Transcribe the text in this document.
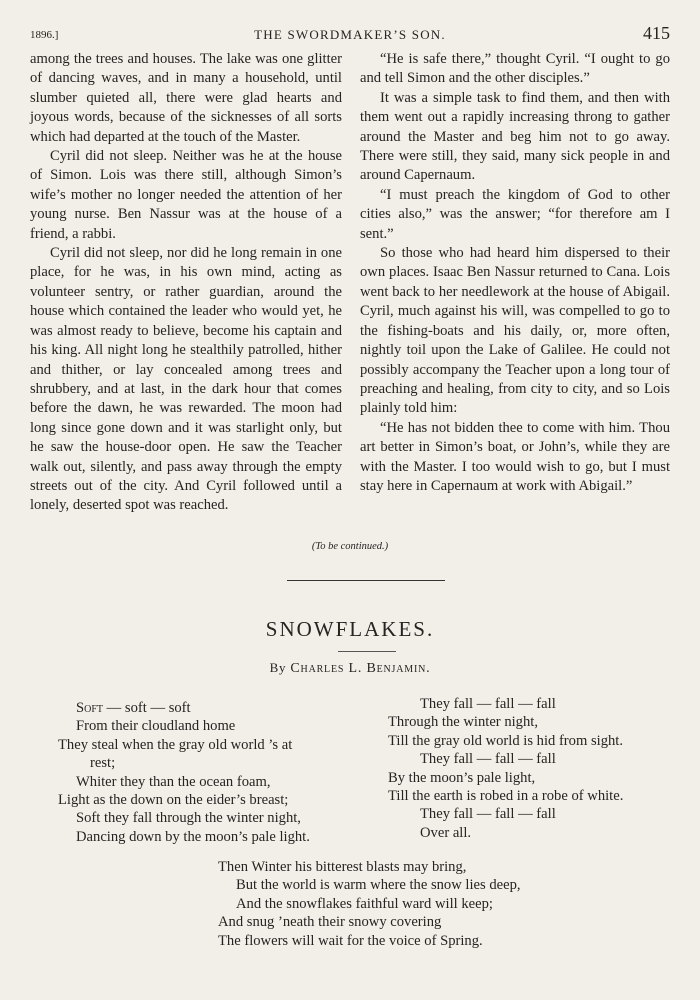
1896.]	THE SWORDMAKER’S SON.	415

among the trees and houses. The lake was one glitter of dancing waves, and in many a household, until slumber quieted all, there were glad hearts and joyous words, because of the sicknesses of all sorts which had departed at the touch of the Master.

Cyril did not sleep. Neither was he at the house of Simon. Lois was there still, although Simon’s wife’s mother no longer needed the attention of her young nurse. Ben Nassur was at the house of a friend, a rabbi.

Cyril did not sleep, nor did he long remain in one place, for he was, in his own mind, acting as volunteer sentry, or rather guardian, around the house which contained the leader who would yet, he was almost ready to believe, become his captain and his king. All night long he stealthily patrolled, hither and thither, or lay concealed among trees and shrubbery, and at last, in the dark hour that comes before the dawn, he was rewarded. The moon had long since gone down and it was starlight only, but he saw the house-door open. He saw the Teacher walk out, silently, and pass away through the empty streets out of the city. And Cyril followed until a lonely, deserted spot was reached.

“He is safe there,” thought Cyril. “I ought to go and tell Simon and the other disciples.”

It was a simple task to find them, and then with them went out a rapidly increasing throng to gather around the Master and beg him not to go away. There were still, they said, many sick people in and around Capernaum.

“I must preach the kingdom of God to other cities also,” was the answer; “for therefore am I sent.”

So those who had heard him dispersed to their own places. Isaac Ben Nassur returned to Cana. Lois went back to her needlework at the house of Abigail. Cyril, much against his will, was compelled to go to the fishing-boats and his daily, or, more often, nightly toil upon the Lake of Galilee. He could not possibly accompany the Teacher upon a long tour of preaching and healing, from city to city, and so Lois plainly told him:

“He has not bidden thee to come with him. Thou art better in Simon’s boat, or John’s, while they are with the Master. I too would wish to go, but I must stay here in Capernaum at work with Abigail.”

(To be continued.)
SNOWFLAKES.
By Charles L. Benjamin.
Soft — soft — soft
From their cloudland home
They steal when the gray old world ’s at
rest;
Whiter they than the ocean foam,
Light as the down on the eider’s breast;
Soft they fall through the winter night,
Dancing down by the moon’s pale light.
They fall — fall — fall
Through the winter night,
Till the gray old world is hid from sight.
They fall — fall — fall
By the moon’s pale light,
Till the earth is robed in a robe of white.
They fall — fall — fall
Over all.
Then Winter his bitterest blasts may bring,
But the world is warm where the snow lies deep,
And the snowflakes faithful ward will keep;
And snug ’neath their snowy covering
The flowers will wait for the voice of Spring.
